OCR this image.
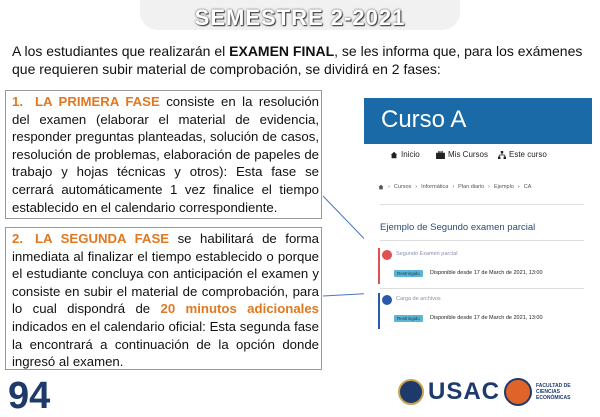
SEMESTRE 2-2021
A los estudiantes que realizarán el EXAMEN FINAL, se les informa que, para los exámenes que requieren subir material de comprobación, se dividirá en 2 fases:
1. LA PRIMERA FASE consiste en la resolución del examen (elaborar el material de evidencia, responder preguntas planteadas, solución de casos, resolución de problemas, elaboración de papeles de trabajo y hojas técnicas y otros): Esta fase se cerrará automáticamente 1 vez finalice el tiempo establecido en el calendario correspondiente.
2. LA SEGUNDA FASE se habilitará de forma inmediata al finalizar el tiempo establecido o porque el estudiante concluya con anticipación el examen y consiste en subir el material de comprobación, para lo cual dispondrá de 20 minutos adicionales indicados en el calendario oficial: Esta segunda fase la encontrará a continuación de la opción donde ingresó al examen.
Curso A
Inicio	Mis Cursos	Este curso
› Cursos › Informática › Plan diario › Ejemplo › CA
Ejemplo de Segundo examen parcial
Segundo Examen parcial
Restringido	Disponible desde 17 de March de 2021, 13:00
Carga de archivos
Restringido	Disponible desde 17 de March de 2021, 13:00
94	USAC	FACULTAD DE CIENCIAS ECONÓMICAS
